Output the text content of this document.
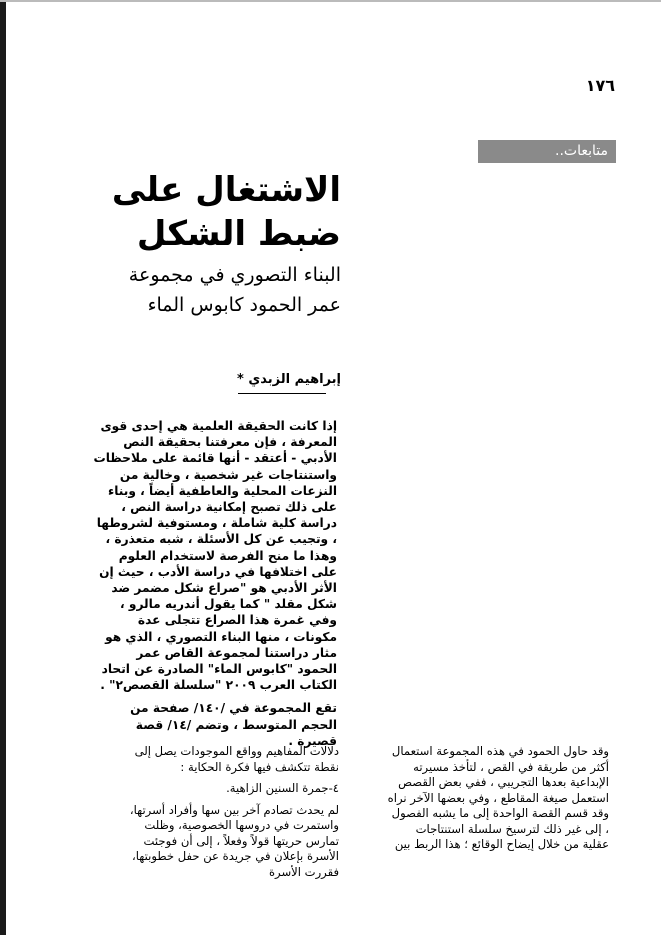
١٧٦
متابعات..
الاشتغال على ضبط الشكل
البناء التصوري في مجموعة عمر الحمود كابوس الماء
إبراهيم الزبدي *

إذا كانت الحقيقة العلمية هي إحدى قوى المعرفة ، فإن معرفتنا بحقيقة النص الأدبي - أعتقد - أنها قائمة على ملاحظات واستنتاجات غير شخصية ، وخالية من النزعات المحلية والعاطفية أيضاً ، وبناء على ذلك تصبح إمكانية دراسة النص ، دراسة كلية شاملة ، ومستوفية لشروطها ، وتجيب عن كل الأسئلة ، شبه متعذرة ، وهذا ما منح الفرصة لاستخدام العلوم على اختلافها في دراسة الأدب ، حيث إن الأثر الأدبي هو "صراع شكل مضمر ضد شكل مقلد " كما يقول أندريه مالرو ، وفي غمرة هذا الصراع تتجلى عدة مكونات ، منها البناء التصوري ، الذي هو مثار دراستنا لمجموعة القاص عمر الحمود "كابوس الماء" الصادرة عن اتحاد الكتاب العرب ٢٠٠٩ "سلسلة القصص٢" .

تقع المجموعة في /١٤٠/ صفحة من الحجم المتوسط ، وتضم /١٤/ قصة قصيرة .

وقد حاول الحمود في هذه المجموعة استعمال أكثر من طريقة في القص ، لتأخذ مسيرته الإبداعية بعدها التجريبي ، ففي بعض القصص استعمل صيغة المقاطع ، وفي بعضها الآخر نراه وقد قسم القصة الواحدة إلى ما يشبه الفصول ، إلى غير ذلك لترسيخ سلسلة استنتاجات عقلية من خلال إيضاح الوقائع ؛ هذا الربط بين

دلالات المفاهيم وواقع الموجودات يصل إلى نقطة تتكشف فيها فكرة الحكاية :

٤-جمرة السنين الزاهية.

لم يحدث تصادم آخر بين سها وأفراد أسرتها، واستمرت في دروسها الخصوصية، وظلت تمارس حريتها قولاً وفعلاً ، إلى أن فوجئت الأسرة بإعلان في جريدة عن حفل خطوبتها، فقررت الأسرة
